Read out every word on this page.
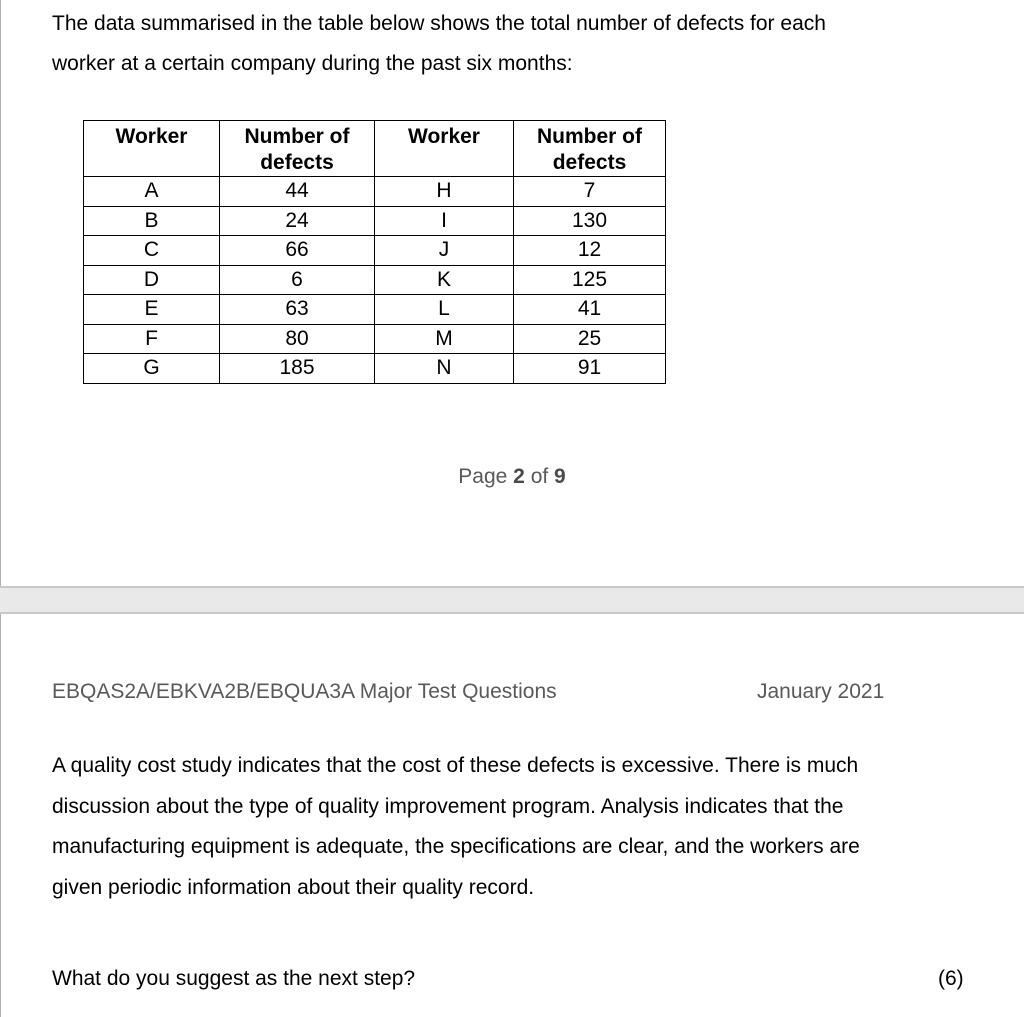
The data summarised in the table below shows the total number of defects for each

worker at a certain company during the past six months:

Worker	Number of defects	Worker	Number of defects
A	44	H	7
B	24	I	130
C	66	J	12
D	6	K	125
E	63	L	41
F	80	M	25
G	185	N	91
Page 2 of 9
EBQAS2A/EBKVA2B/EBQUA3A Major Test Questions	January 2021

A quality cost study indicates that the cost of these defects is excessive. There is much

discussion about the type of quality improvement program. Analysis indicates that the

manufacturing equipment is adequate, the specifications are clear, and the workers are

given periodic information about their quality record.

What do you suggest as the next step?	(6)
